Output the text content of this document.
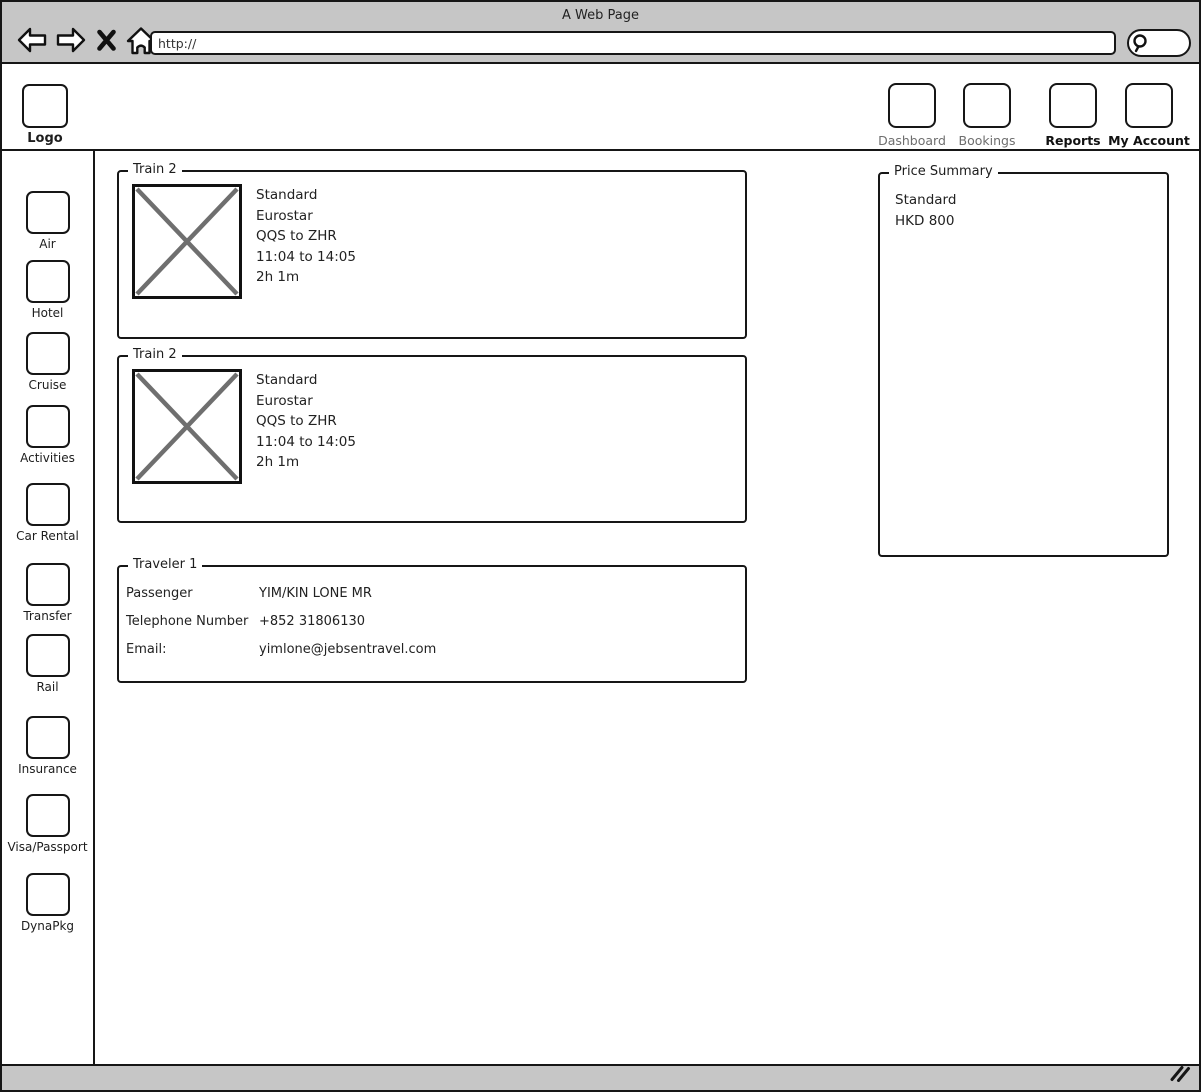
A Web Page
http://
Logo	Dashboard Bookings Reports My Account
Air
Hotel
Cruise
Activities
Car Rental
Transfer
Rail
Insurance
Visa/Passport
DynaPkg
Train 2
Standard
Eurostar
QQS to ZHR
11:04 to 14:05
2h 1m
Train 2
Standard
Eurostar
QQS to ZHR
11:04 to 14:05
2h 1m
Traveler 1
Passenger	YIM/KIN LONE MR
Telephone Number +852 31806130
Email:	yimlone@jebsentravel.com
Price Summary
Standard
HKD 800
